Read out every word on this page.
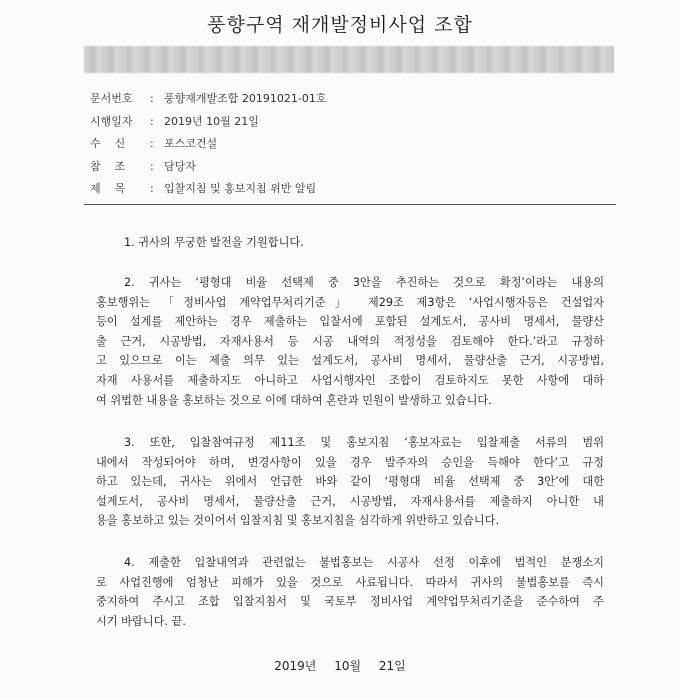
풍향구역 재개발정비사업 조합
문서번호 : 풍향재개발조합 20191021-01호
시행일자 : 2019년 10월 21일
수    신 : 포스코건설
참    조 : 담당자
제    목 : 입찰지침 및 홍보지침 위반 알림
1. 귀사의 무궁한 발전을 기원합니다.
2. 귀사는 ‘평형대 비율 선택제 중 3안을 추진하는 것으로 확정’이라는 내용의
홍보행위는 「정비사업 계약업무처리기준」 제29조 제3항은 ‘사업시행자등은 건설업자
등이 설계를 제안하는 경우 제출하는 입찰서에 포함된 설계도서, 공사비 명세서, 물량산
출 근거, 시공방법, 자재사용서 등 시공 내역의 적정성을 검토해야 한다.’라고 규정하
고 있으므로 이는 제출 의무 있는 설계도서, 공사비 명세서, 물량산출 근거, 시공방법,
자재 사용서를 제출하지도 아니하고 사업시행자인 조합이 검토하지도 못한 사항에 대하
여 위법한 내용을 홍보하는 것으로 이에 대하여 혼란과 민원이 발생하고 있습니다.
3. 또한, 입찰참여규정 제11조 및 홍보지침 ‘홍보자료는 입찰제출 서류의 범위
내에서 작성되어야 하며, 변경사항이 있을 경우 발주자의 승인을 득해야 한다’고 규정
하고 있는데, 귀사는 위에서 언급한 바와 같이 ‘평형대 비율 선택제 중 3안’에 대한
설계도서, 공사비 명세서, 물량산출 근거, 시공방법, 자재사용서를 제출하지 아니한 내
용을 홍보하고 있는 것이어서 입찰지침 및 홍보지침을 심각하게 위반하고 있습니다.
4. 제출한 입찰내역과 관련없는 불법홍보는 시공사 선정 이후에 법적인 분쟁소지
로 사업진행에 엄청난 피해가 있을 것으로 사료됩니다. 따라서 귀사의 불법홍보를 즉시
중지하여 주시고 조합 입찰지침서 및 국토부 정비사업 계약업무처리기준을 준수하여 주
시기 바랍니다. 끝.
2019년 10월 21일
